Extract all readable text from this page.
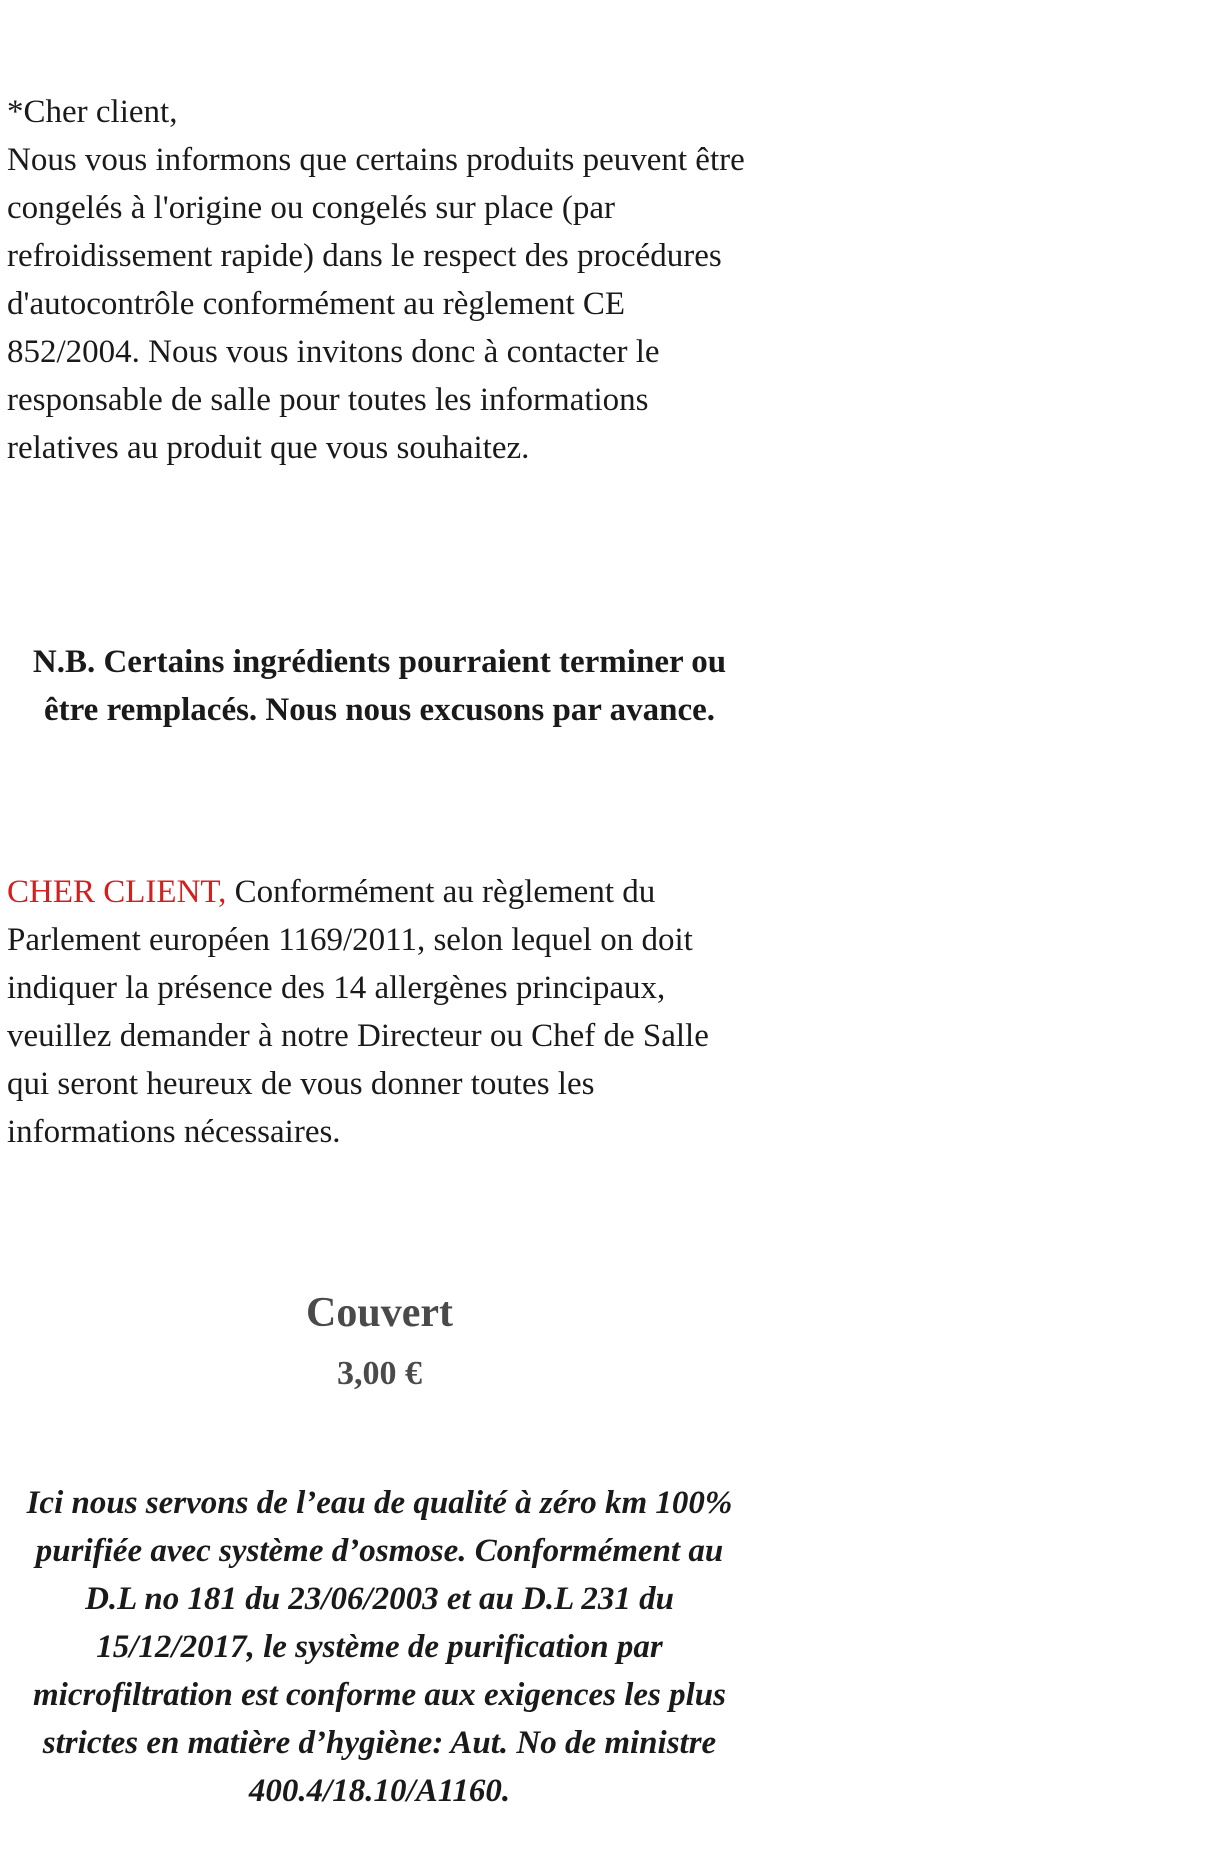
*Cher client,

Nous vous informons que certains produits peuvent être congelés à l'origine ou congelés sur place (par refroidissement rapide) dans le respect des procédures d'autocontrôle conformément au règlement CE 852/2004. Nous vous invitons donc à contacter le responsable de salle pour toutes les informations relatives au produit que vous souhaitez.

N.B. Certains ingrédients pourraient terminer ou être remplacés. Nous nous excusons par avance.
CHER CLIENT, Conformément au règlement du Parlement européen 1169/2011, selon lequel on doit indiquer la présence des 14 allergènes principaux, veuillez demander à notre Directeur ou Chef de Salle qui seront heureux de vous donner toutes les informations nécessaires.
Couvert
3,00 €
Ici nous servons de l’eau de qualité à zéro km 100% purifiée avec système d’osmose. Conformément au D.L no 181 du 23/06/2003 et au D.L 231 du 15/12/2017, le système de purification par microfiltration est conforme aux exigences les plus strictes en matière d’hygiène: Aut. No de ministre 400.4/18.10/A1160.
